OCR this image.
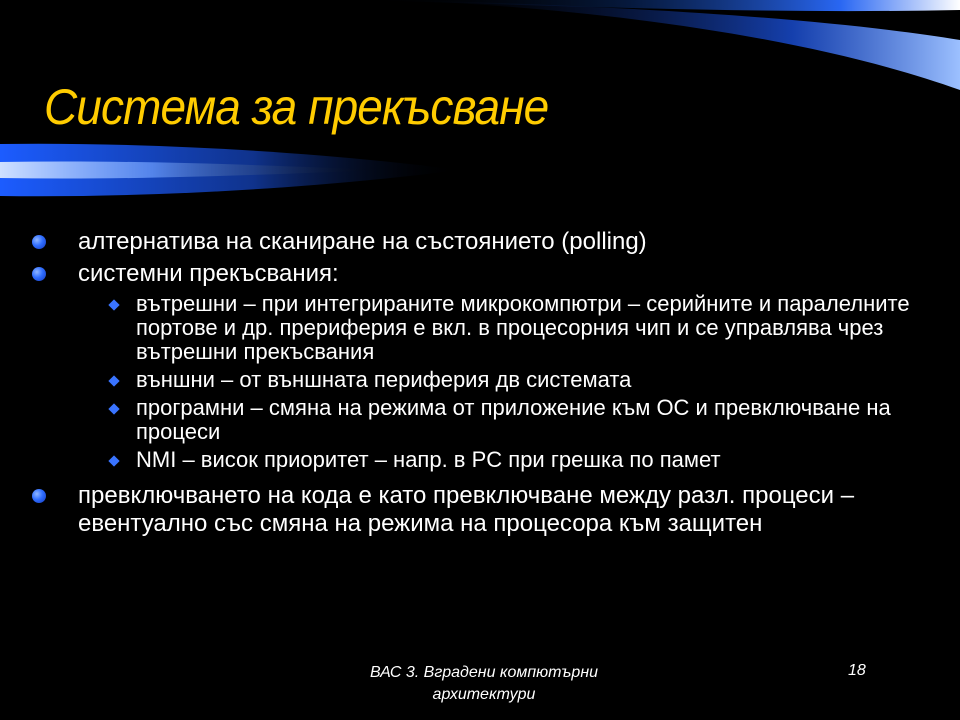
Система за прекъсване
алтернатива на сканиране на състоянието (polling)
системни прекъсвания:
вътрешни – при интегрираните микрокомпютри – серийните и паралелните портове и др. прериферия е вкл. в процесорния чип и се управлява чрез вътрешни прекъсвания
външни – от външната периферия дв системата
програмни – смяна на режима от приложение към ОС и превключване на процеси
NMI – висок приоритет – напр. в PC при грешка по памет
превключването на кода е като превключване между разл. процеси – евентуално със смяна на режима на процесора към защитен
ВАС 3. Вградени компютърни архитектури
18
